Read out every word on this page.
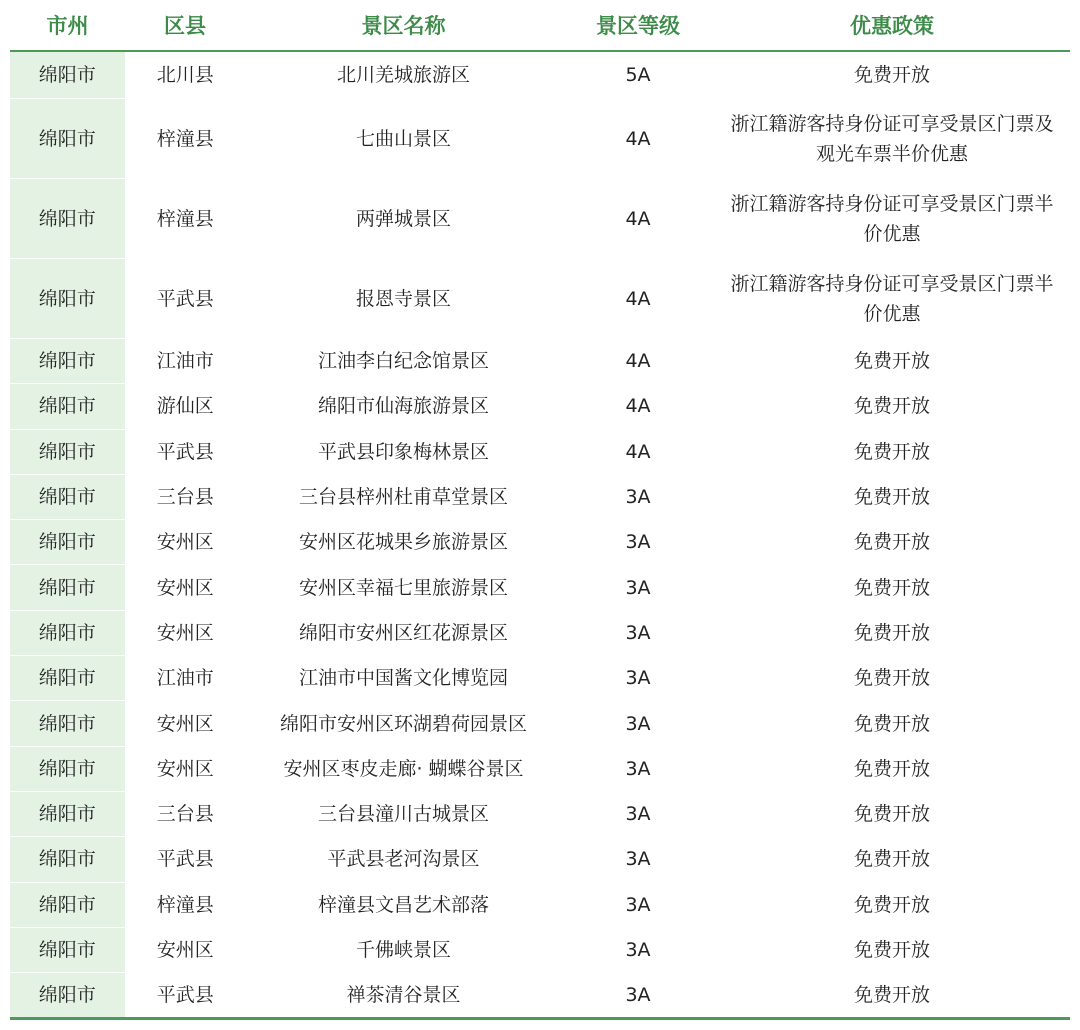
市州	区县	景区名称	景区等级	优惠政策
绵阳市	北川县	北川羌城旅游区	5A	免费开放
绵阳市	梓潼县	七曲山景区	4A	浙江籍游客持身份证可享受景区门票及观光车票半价优惠
绵阳市	梓潼县	两弹城景区	4A	浙江籍游客持身份证可享受景区门票半价优惠
绵阳市	平武县	报恩寺景区	4A	浙江籍游客持身份证可享受景区门票半价优惠
绵阳市	江油市	江油李白纪念馆景区	4A	免费开放
绵阳市	游仙区	绵阳市仙海旅游景区	4A	免费开放
绵阳市	平武县	平武县印象梅林景区	4A	免费开放
绵阳市	三台县	三台县梓州杜甫草堂景区	3A	免费开放
绵阳市	安州区	安州区花城果乡旅游景区	3A	免费开放
绵阳市	安州区	安州区幸福七里旅游景区	3A	免费开放
绵阳市	安州区	绵阳市安州区红花源景区	3A	免费开放
绵阳市	江油市	江油市中国酱文化博览园	3A	免费开放
绵阳市	安州区	绵阳市安州区环湖碧荷园景区	3A	免费开放
绵阳市	安州区	安州区枣皮走廊· 蝴蝶谷景区	3A	免费开放
绵阳市	三台县	三台县潼川古城景区	3A	免费开放
绵阳市	平武县	平武县老河沟景区	3A	免费开放
绵阳市	梓潼县	梓潼县文昌艺术部落	3A	免费开放
绵阳市	安州区	千佛峡景区	3A	免费开放
绵阳市	平武县	禅茶清谷景区	3A	免费开放
